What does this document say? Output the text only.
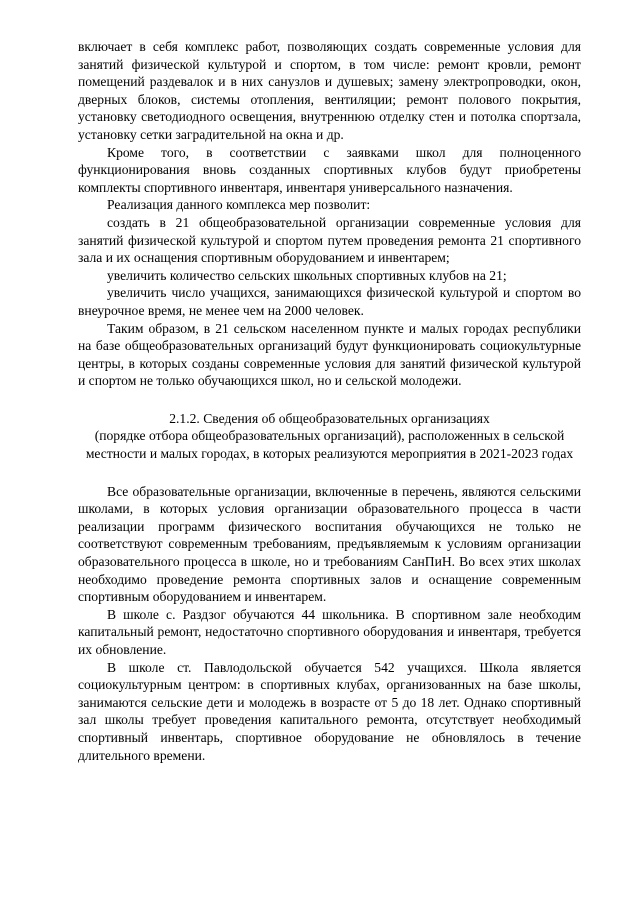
включает в себя комплекс работ, позволяющих создать современные условия для занятий физической культурой и спортом, в том числе: ремонт кровли, ремонт помещений раздевалок и в них санузлов и душевых; замену электропроводки, окон, дверных блоков, системы отопления, вентиляции; ремонт полового покрытия, установку светодиодного освещения, внутреннюю отделку стен и потолка спортзала, установку сетки заградительной на окна и др.

Кроме того, в соответствии с заявками школ для полноценного функционирования вновь созданных спортивных клубов будут приобретены комплекты спортивного инвентаря, инвентаря универсального назначения.

Реализация данного комплекса мер позволит:

создать в 21 общеобразовательной организации современные условия для занятий физической культурой и спортом путем проведения ремонта 21 спортивного зала и их оснащения спортивным оборудованием и инвентарем;

увеличить количество сельских школьных спортивных клубов на 21;

увеличить число учащихся, занимающихся физической культурой и спортом во внеурочное время, не менее чем на 2000 человек.

Таким образом, в 21 сельском населенном пункте и малых городах республики на базе общеобразовательных организаций будут функционировать социокультурные центры, в которых созданы современные условия для занятий физической культурой и спортом не только обучающихся школ, но и сельской молодежи.

2.1.2. Сведения об общеобразовательных организациях

(порядке отбора общеобразовательных организаций), расположенных в сельской местности и малых городах, в которых реализуются мероприятия в 2021-2023 годах

Все образовательные организации, включенные в перечень, являются сельскими школами, в которых условия организации образовательного процесса в части реализации программ физического воспитания обучающихся не только не соответствуют современным требованиям, предъявляемым к условиям организации образовательного процесса в школе, но и требованиям СанПиН. Во всех этих школах необходимо проведение ремонта спортивных залов и оснащение современным спортивным оборудованием и инвентарем.

В школе с. Раздзог обучаются 44 школьника. В спортивном зале необходим капитальный ремонт, недостаточно спортивного оборудования и инвентаря, требуется их обновление.

В школе ст. Павлодольской обучается 542 учащихся. Школа является социокультурным центром: в спортивных клубах, организованных на базе школы, занимаются сельские дети и молодежь в возрасте от 5 до 18 лет. Однако спортивный зал школы требует проведения капитального ремонта, отсутствует необходимый спортивный инвентарь, спортивное оборудование не обновлялось в течение длительного времени.
